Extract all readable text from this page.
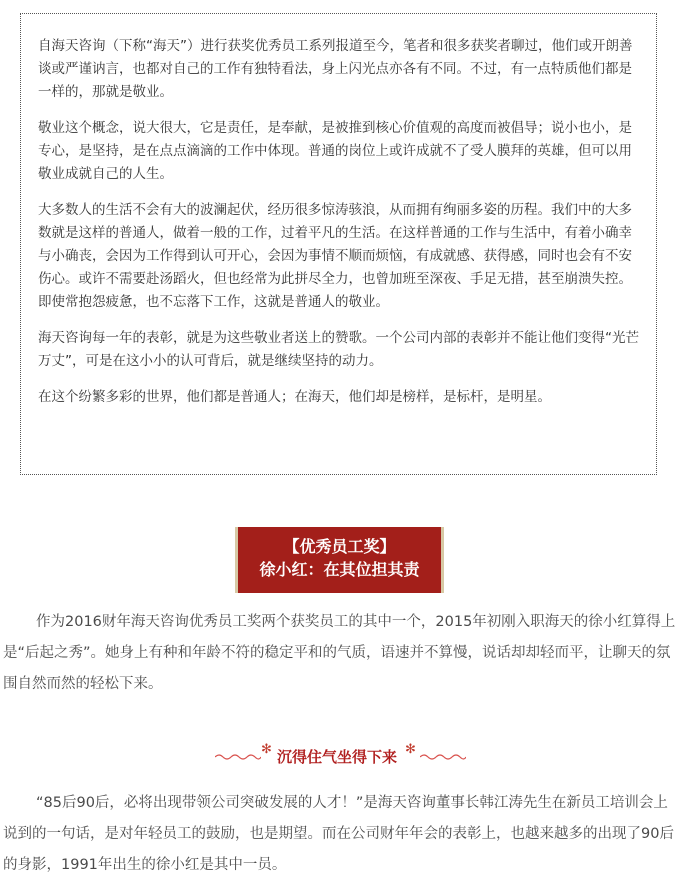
自海天咨询（下称“海天”）进行获奖优秀员工系列报道至今，笔者和很多获奖者聊过，他们或开朗善谈或严谨讷言，也都对自己的工作有独特看法，身上闪光点亦各有不同。不过，有一点特质他们都是一样的，那就是敬业。

敬业这个概念，说大很大，它是责任，是奉献，是被推到核心价值观的高度而被倡导；说小也小，是专心，是坚持，是在点点滴滴的工作中体现。普通的岗位上或许成就不了受人膜拜的英雄，但可以用敬业成就自己的人生。

大多数人的生活不会有大的波澜起伏，经历很多惊涛骇浪，从而拥有绚丽多姿的历程。我们中的大多数就是这样的普通人，做着一般的工作，过着平凡的生活。在这样普通的工作与生活中，有着小确幸与小确丧，会因为工作得到认可开心，会因为事情不顺而烦恼，有成就感、获得感，同时也会有不安伤心。或许不需要赴汤蹈火，但也经常为此拼尽全力，也曾加班至深夜、手足无措，甚至崩溃失控。即使常抱怨疲惫，也不忘落下工作，这就是普通人的敬业。

海天咨询每一年的表彰，就是为这些敬业者送上的赞歌。一个公司内部的表彰并不能让他们变得“光芒万丈”，可是在这小小的认可背后，就是继续坚持的动力。

在这个纷繁多彩的世界，他们都是普通人；在海天，他们却是榜样，是标杆，是明星。

【优秀员工奖】
徐小红：在其位担其责

作为2016财年海天咨询优秀员工奖两个获奖员工的其中一个，2015年初刚入职海天的徐小红算得上是“后起之秀”。她身上有种和年龄不符的稳定平和的气质，语速并不算慢，说话却却轻而平，让聊天的氛围自然而然的轻松下来。

✻ 沉得住气坐得下来 ✻

“85后90后，必将出现带领公司突破发展的人才！”是海天咨询董事长韩江涛先生在新员工培训会上说到的一句话，是对年轻员工的鼓励，也是期望。而在公司财年年会的表彰上，也越来越多的出现了90后的身影，1991年出生的徐小红是其中一员。
